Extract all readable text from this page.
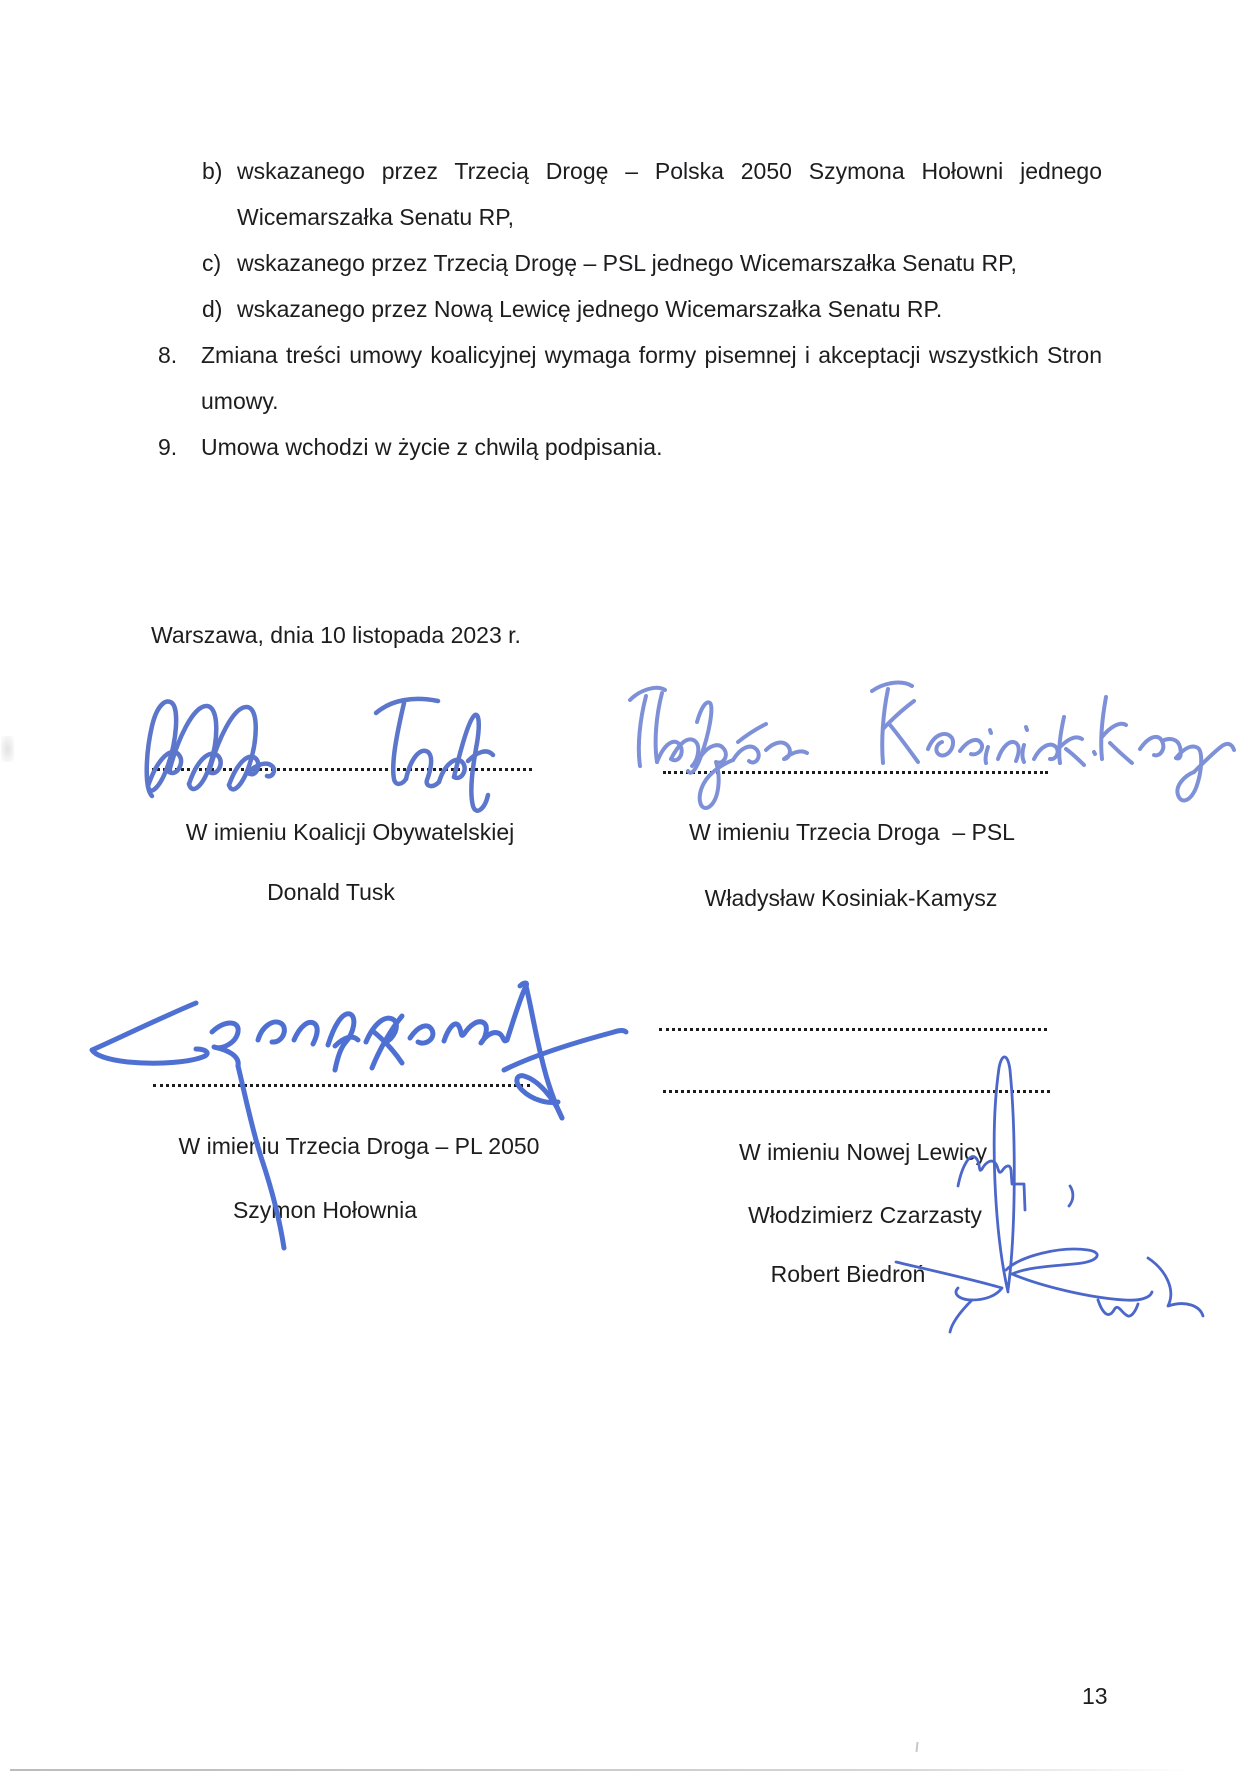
b) wskazanego przez Trzecią Drogę – Polska 2050 Szymona Hołowni jednego Wicemarszałka Senatu RP,
c) wskazanego przez Trzecią Drogę – PSL jednego Wicemarszałka Senatu RP,
d) wskazanego przez Nową Lewicę jednego Wicemarszałka Senatu RP.
8. Zmiana treści umowy koalicyjnej wymaga formy pisemnej i akceptacji wszystkich Stron umowy.
9. Umowa wchodzi w życie z chwilą podpisania.
Warszawa, dnia 10 listopada 2023 r.
W imieniu Koalicji Obywatelskiej
Donald Tusk
W imieniu Trzecia Droga  – PSL
Władysław Kosiniak-Kamysz
W imieniu Trzecia Droga – PL 2050
Szymon Hołownia
W imieniu Nowej Lewicy
Włodzimierz Czarzasty
Robert Biedroń
13
